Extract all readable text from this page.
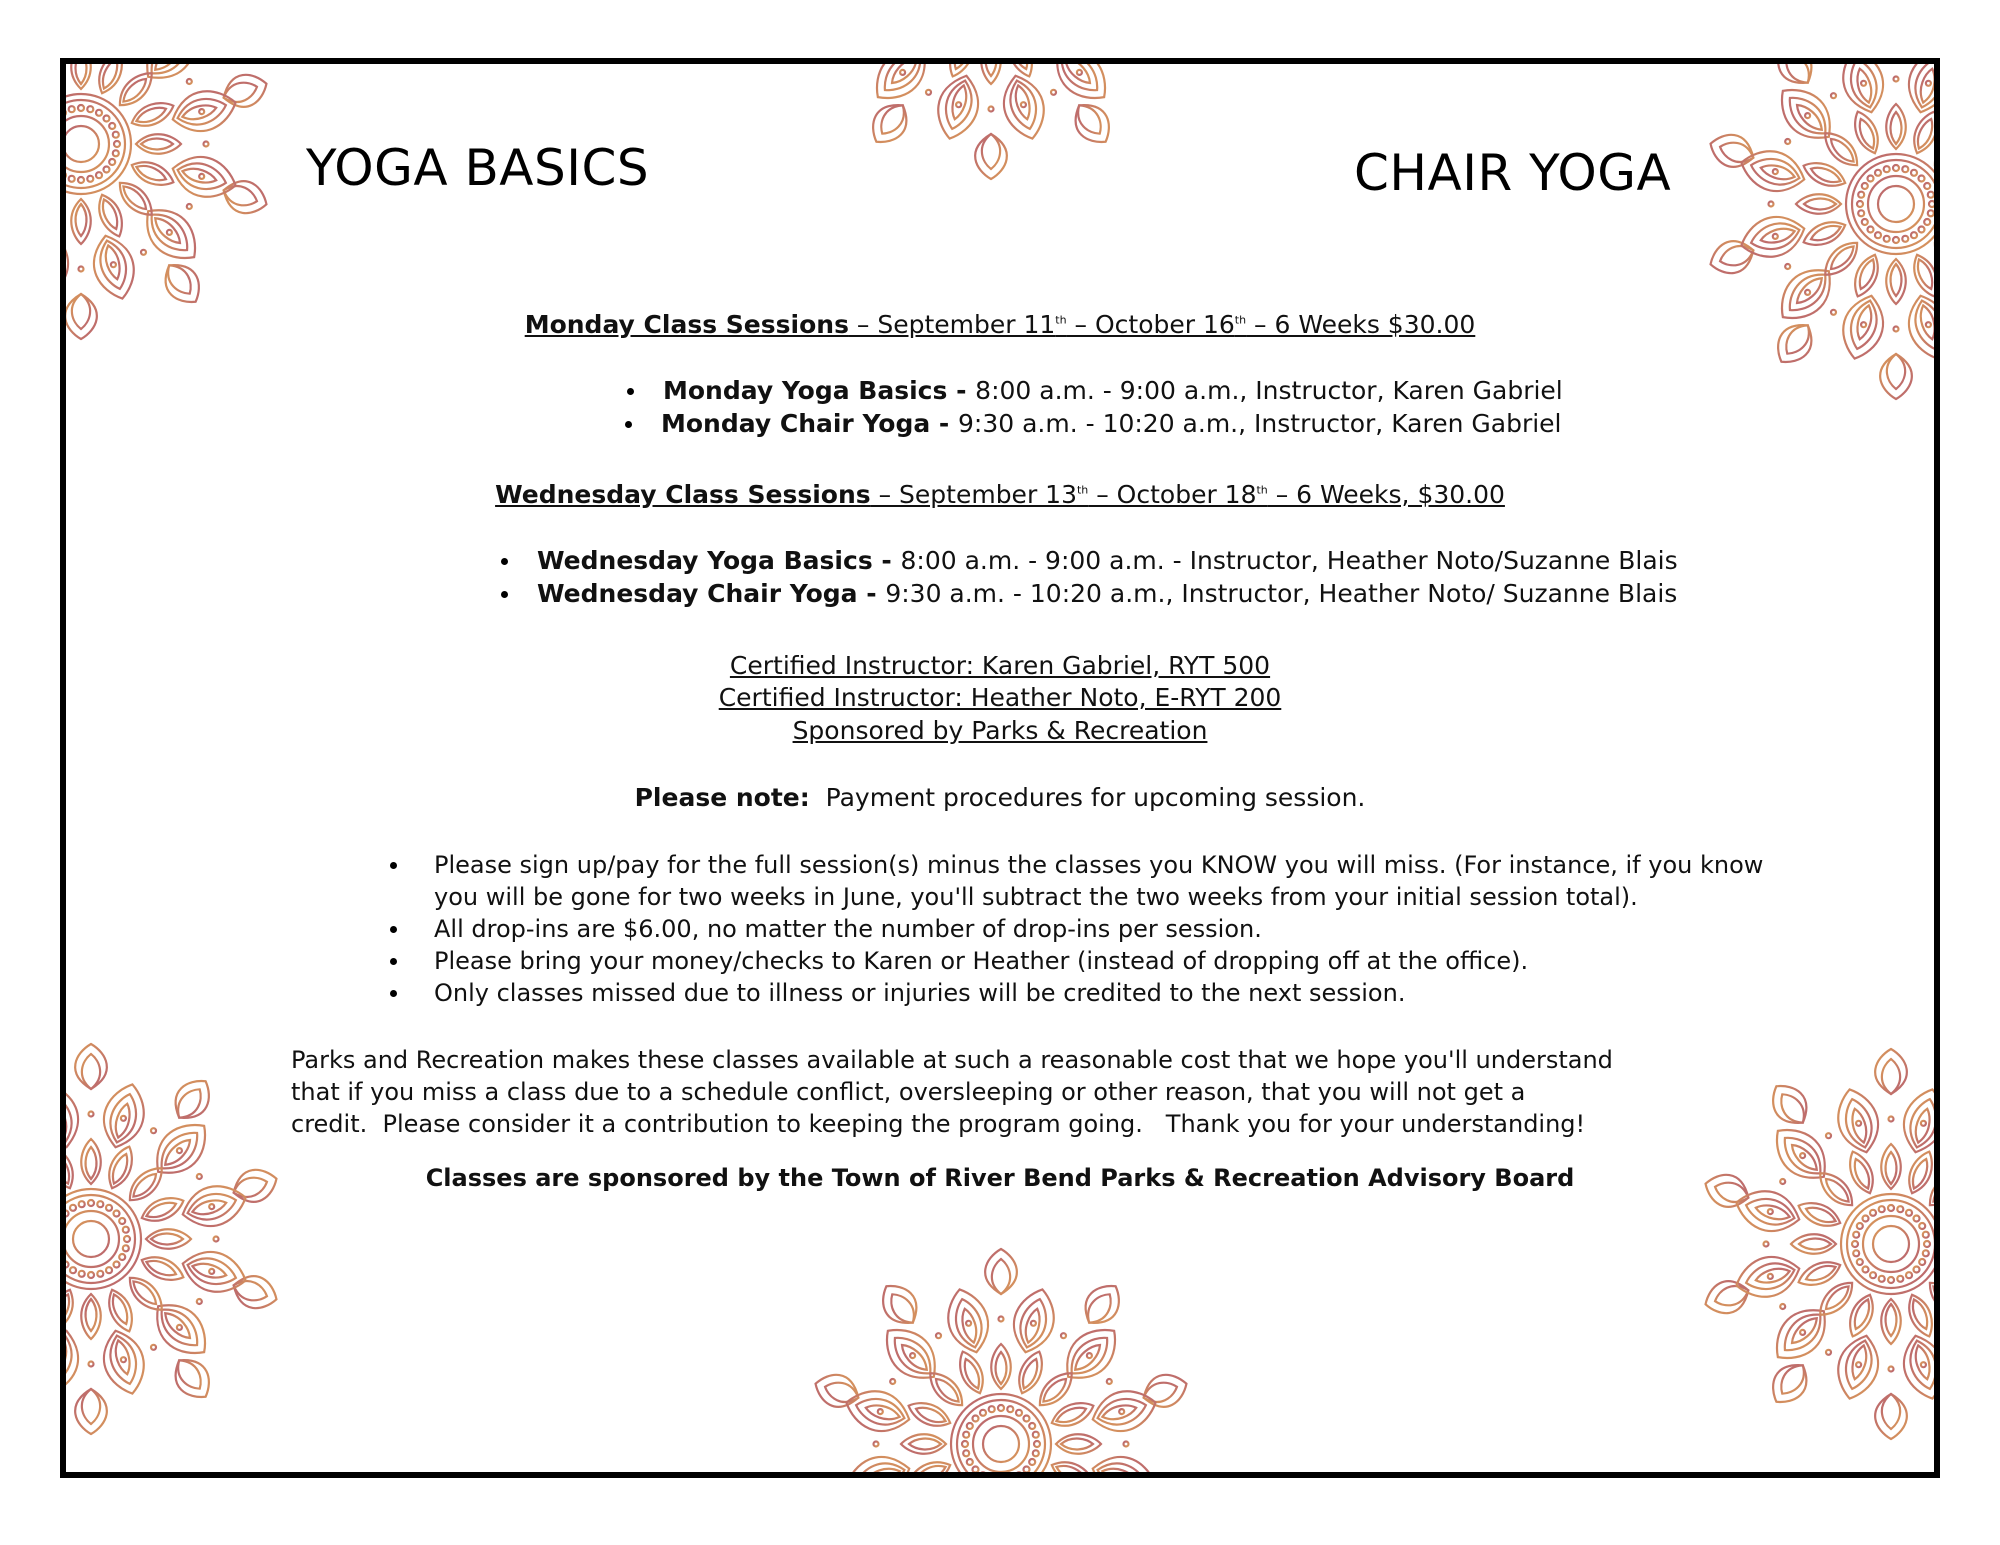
YOGA BASICS	CHAIR YOGA
Monday Class Sessions – September 11th – October 16th – 6 Weeks $30.00
Monday Yoga Basics - 8:00 a.m. - 9:00 a.m., Instructor, Karen Gabriel
Monday Chair Yoga - 9:30 a.m. - 10:20 a.m., Instructor, Karen Gabriel
Wednesday Class Sessions – September 13th – October 18th – 6 Weeks, $30.00
Wednesday Yoga Basics - 8:00 a.m. - 9:00 a.m. - Instructor, Heather Noto/Suzanne Blais
Wednesday Chair Yoga - 9:30 a.m. - 10:20 a.m., Instructor, Heather Noto/ Suzanne Blais
Certified Instructor: Karen Gabriel, RYT 500
Certified Instructor: Heather Noto, E-RYT 200
Sponsored by Parks & Recreation
Please note:  Payment procedures for upcoming session.
Please sign up/pay for the full session(s) minus the classes you KNOW you will miss. (For instance, if you know you will be gone for two weeks in June, you'll subtract the two weeks from your initial session total).
All drop-ins are $6.00, no matter the number of drop-ins per session.
Please bring your money/checks to Karen or Heather (instead of dropping off at the office).
Only classes missed due to illness or injuries will be credited to the next session.
Parks and Recreation makes these classes available at such a reasonable cost that we hope you'll understand
that if you miss a class due to a schedule conflict, oversleeping or other reason, that you will not get a
credit.  Please consider it a contribution to keeping the program going.   Thank you for your understanding!
Classes are sponsored by the Town of River Bend Parks & Recreation Advisory Board
